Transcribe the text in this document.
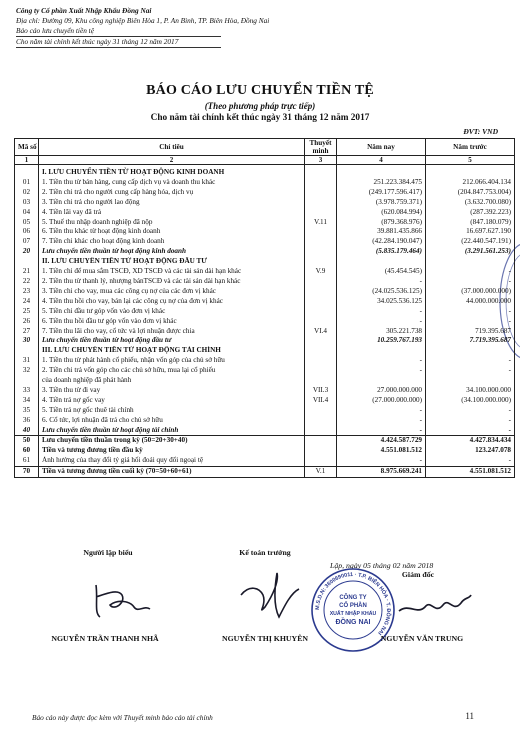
Công ty Cổ phần Xuất Nhập Khẩu Đồng Nai
Địa chỉ: Đường 09, Khu công nghiệp Biên Hòa 1, P. An Bình, TP. Biên Hòa, Đồng Nai
Báo cáo lưu chuyển tiền tệ
Cho năm tài chính kết thúc ngày 31 tháng 12 năm 2017
BÁO CÁO LƯU CHUYỂN TIỀN TỆ
(Theo phương pháp trực tiếp)
Cho năm tài chính kết thúc ngày 31 tháng 12 năm 2017
ĐVT: VND
Mã số	Chỉ tiêu	Thuyết minh	Năm nay	Năm trước
1	2	3	4	5
	I. LƯU CHUYỂN TIỀN TỪ HOẠT ĐỘNG KINH DOANH			
01	1. Tiền thu từ bán hàng, cung cấp dịch vụ và doanh thu khác		251.223.384.475	212.066.404.134
02	2. Tiền chi trả cho người cung cấp hàng hóa, dịch vụ		(249.177.596.417)	(204.847.753.004)
03	3. Tiền chi trả cho người lao động		(3.978.759.371)	(3.632.700.080)
04	4. Tiền lãi vay đã trả		(620.084.994)	(287.392.223)
05	5. Thuế thu nhập doanh nghiệp đã nộp	V.11	(879.368.976)	(847.180.079)
06	6. Tiền thu khác từ hoạt động kinh doanh		39.881.435.866	16.697.627.190
07	7. Tiền chi khác cho hoạt động kinh doanh		(42.284.190.047)	(22.440.547.191)
20	Lưu chuyển tiền thuần từ hoạt động kinh doanh		(5.835.179.464)	(3.291.561.253)
	II. LƯU CHUYỂN TIỀN TỪ HOẠT ĐỘNG ĐẦU TƯ			
21	1. Tiền chi để mua sắm TSCĐ, XD TSCĐ và các tài sản dài hạn khác	V.9	(45.454.545)	-
22	2. Tiền thu từ thanh lý, nhượng bánTSCĐ và các tài sản dài hạn khác		-	-
23	3. Tiền chi cho vay, mua các công cụ nợ của các đơn vị khác		(24.025.536.125)	(37.000.000.000)
24	4. Tiền thu hồi cho vay, bán lại các công cụ nợ của đơn vị khác		34.025.536.125	44.000.000.000
25	5. Tiền chi đầu tư góp vốn vào đơn vị khác		-	-
26	6. Tiền thu hồi đầu tư góp vốn vào đơn vị khác		-	-
27	7. Tiền thu lãi cho vay, cổ tức và lợi nhuận được chia	VI.4	305.221.738	719.395.687
30	Lưu chuyển tiền thuần từ hoạt động đầu tư		10.259.767.193	7.719.395.687
	III. LƯU CHUYỂN TIỀN TỪ HOẠT ĐỘNG TÀI CHÍNH			
31	1. Tiền thu từ phát hành cổ phiếu, nhận vốn góp của chủ sở hữu		-	-
32	2. Tiền chi trả vốn góp cho các chủ sở hữu, mua lại cổ phiếu		-	-
	của doanh nghiệp đã phát hành			
33	3. Tiền thu từ đi vay	VII.3	27.000.000.000	34.100.000.000
34	4. Tiền trả nợ gốc vay	VII.4	(27.000.000.000)	(34.100.000.000)
35	5. Tiền trả nợ gốc thuê tài chính		-	-
36	6. Cổ tức, lợi nhuận đã trả cho chủ sở hữu		-	-
40	Lưu chuyển tiền thuần từ hoạt động tài chính		-	-
50	Lưu chuyển tiền thuần trong kỳ (50=20+30+40)		4.424.587.729	4.427.834.434
60	Tiền và tương đương tiền đầu kỳ		4.551.081.512	123.247.078
61	Ảnh hưởng của thay đổi tỷ giá hối đoái quy đổi ngoại tệ		-	-
70	Tiền và tương đương tiền cuối kỳ (70=50+60+61)	V.1	8.975.669.241	4.551.081.512
Lập, ngày 05 tháng 02 năm 2018
Người lập biểu	Kế toán trưởng
Giám đốc
M.S.D.N: 3600690011 · T.P. BIÊN HÒA · T. ĐỒNG NAI
CÔNG TY
CỔ PHẦN
XUẤT NHẬP KHẨU
ĐỒNG NAI
NGUYỄN TRẦN THANH NHÃ	NGUYỄN THỊ KHUYÊN	NGUYỄN VĂN TRUNG
Báo cáo này được đọc kèm với Thuyết minh báo cáo tài chính	11
